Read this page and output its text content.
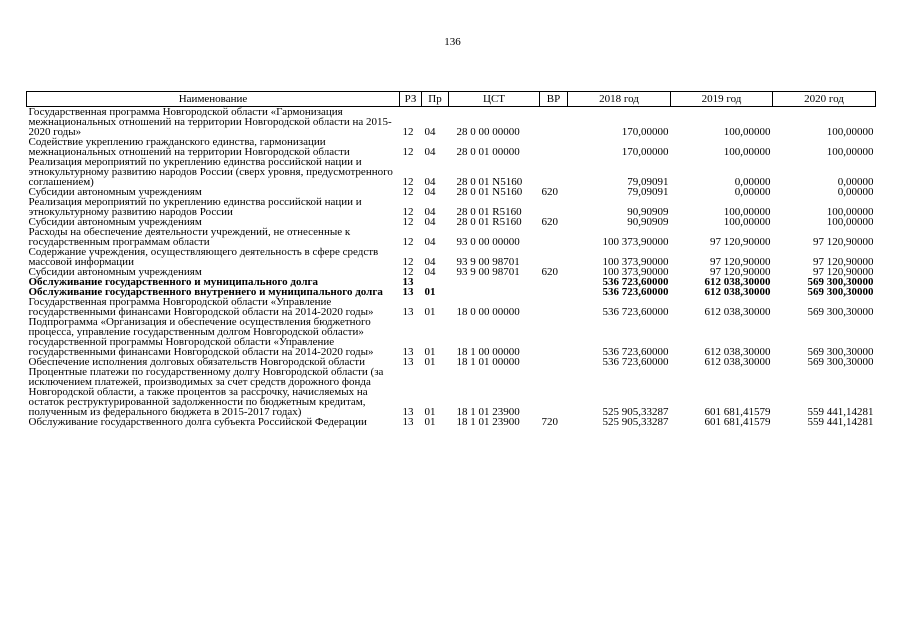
136
Наименование	РЗ	Пр	ЦСТ	ВР	2018 год	2019 год	2020 год
Государственная программа Новгородской области «Гармонизация межнациональных отношений на территории Новгородской области на 2015-2020 годы»	12	04	28 0 00 00000		170,00000	100,00000	100,00000
Содействие укреплению гражданского единства, гармонизации межнациональных отношений на территории Новгородской области	12	04	28 0 01 00000		170,00000	100,00000	100,00000
Реализация мероприятий по укреплению единства российской нации и этнокультурному развитию народов России (сверх уровня, предусмотренного соглашением)	12	04	28 0 01 N5160		79,09091	0,00000	0,00000
Субсидии автономным учреждениям	12	04	28 0 01 N5160	620	79,09091	0,00000	0,00000
Реализация мероприятий по укреплению единства российской нации и этнокультурному развитию народов России	12	04	28 0 01 R5160		90,90909	100,00000	100,00000
Субсидии автономным учреждениям	12	04	28 0 01 R5160	620	90,90909	100,00000	100,00000
Расходы на обеспечение деятельности учреждений, не отнесенные к государственным программам области	12	04	93 0 00 00000		100 373,90000	97 120,90000	97 120,90000
Содержание учреждения, осуществляющего деятельность в сфере средств массовой информации	12	04	93 9 00 98701		100 373,90000	97 120,90000	97 120,90000
Субсидии автономным учреждениям	12	04	93 9 00 98701	620	100 373,90000	97 120,90000	97 120,90000
Обслуживание государственного и муниципального долга	13				536 723,60000	612 038,30000	569 300,30000
Обслуживание государственного внутреннего и муниципального долга	13	01			536 723,60000	612 038,30000	569 300,30000
Государственная программа Новгородской области «Управление государственными финансами Новгородской области на 2014-2020 годы»	13	01	18 0 00 00000		536 723,60000	612 038,30000	569 300,30000
Подпрограмма «Организация и обеспечение осуществления бюджетного процесса, управление государственным долгом Новгородской области» государственной программы Новгородской области «Управление государственными финансами Новгородской области на 2014-2020 годы»	13	01	18 1 00 00000		536 723,60000	612 038,30000	569 300,30000
Обеспечение исполнения долговых обязательств Новгородской области	13	01	18 1 01 00000		536 723,60000	612 038,30000	569 300,30000
Процентные платежи по государственному долгу Новгородской области (за исключением платежей, производимых за счет средств дорожного фонда Новгородской области, а также процентов за рассрочку, начисляемых на остаток реструктурированной задолженности по бюджетным кредитам, полученным из федерального бюджета в 2015-2017 годах)	13	01	18 1 01 23900		525 905,33287	601 681,41579	559 441,14281
Обслуживание государственного долга субъекта Российской Федерации	13	01	18 1 01 23900	720	525 905,33287	601 681,41579	559 441,14281
